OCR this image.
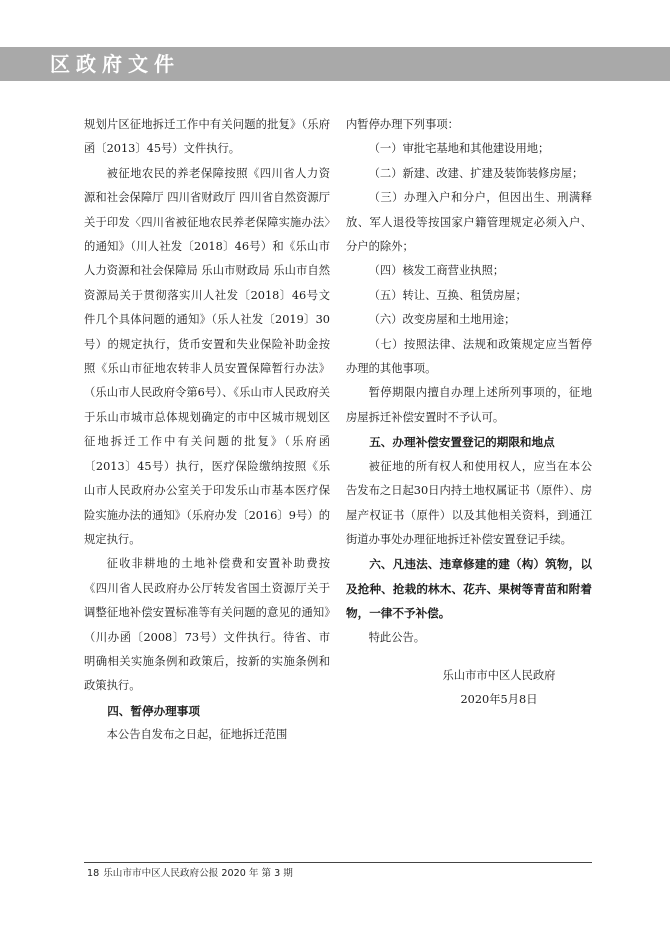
区政府文件

规划片区征地拆迁工作中有关问题的批复》（乐府函〔2013〕45号）文件执行。

被征地农民的养老保障按照《四川省人力资源和社会保障厅 四川省财政厅 四川省自然资源厅关于印发〈四川省被征地农民养老保障实施办法〉的通知》（川人社发〔2018〕46号）和《乐山市人力资源和社会保障局 乐山市财政局 乐山市自然资源局关于贯彻落实川人社发〔2018〕46号文件几个具体问题的通知》（乐人社发〔2019〕30号）的规定执行，货币安置和失业保险补助金按照《乐山市征地农转非人员安置保障暂行办法》（乐山市人民政府令第6号）、《乐山市人民政府关于乐山市城市总体规划确定的市中区城市规划区征地拆迁工作中有关问题的批复》（乐府函〔2013〕45号）执行，医疗保险缴纳按照《乐山市人民政府办公室关于印发乐山市基本医疗保险实施办法的通知》（乐府办发〔2016〕9号）的规定执行。

征收非耕地的土地补偿费和安置补助费按《四川省人民政府办公厅转发省国土资源厅关于调整征地补偿安置标准等有关问题的意见的通知》（川办函〔2008〕73号）文件执行。待省、市明确相关实施条例和政策后，按新的实施条例和政策执行。

四、暂停办理事项

本公告自发布之日起，征地拆迁范围

内暂停办理下列事项：

（一）审批宅基地和其他建设用地；

（二）新建、改建、扩建及装饰装修房屋；

（三）办理入户和分户，但因出生、刑满释放、军人退役等按国家户籍管理规定必须入户、分户的除外；

（四）核发工商营业执照；

（五）转让、互换、租赁房屋；

（六）改变房屋和土地用途；

（七）按照法律、法规和政策规定应当暂停办理的其他事项。

暂停期限内擅自办理上述所列事项的，征地房屋拆迁补偿安置时不予认可。

五、办理补偿安置登记的期限和地点

被征地的所有权人和使用权人，应当在本公告发布之日起30日内持土地权属证书（原件）、房屋产权证书（原件）以及其他相关资料，到通江街道办事处办理征地拆迁补偿安置登记手续。

六、凡违法、违章修建的建（构）筑物，以及抢种、抢栽的林木、花卉、果树等青苗和附着物，一律不予补偿。

特此公告。

乐山市市中区人民政府

2020年5月8日

18 乐山市市中区人民政府公报 2020 年 第 3 期
